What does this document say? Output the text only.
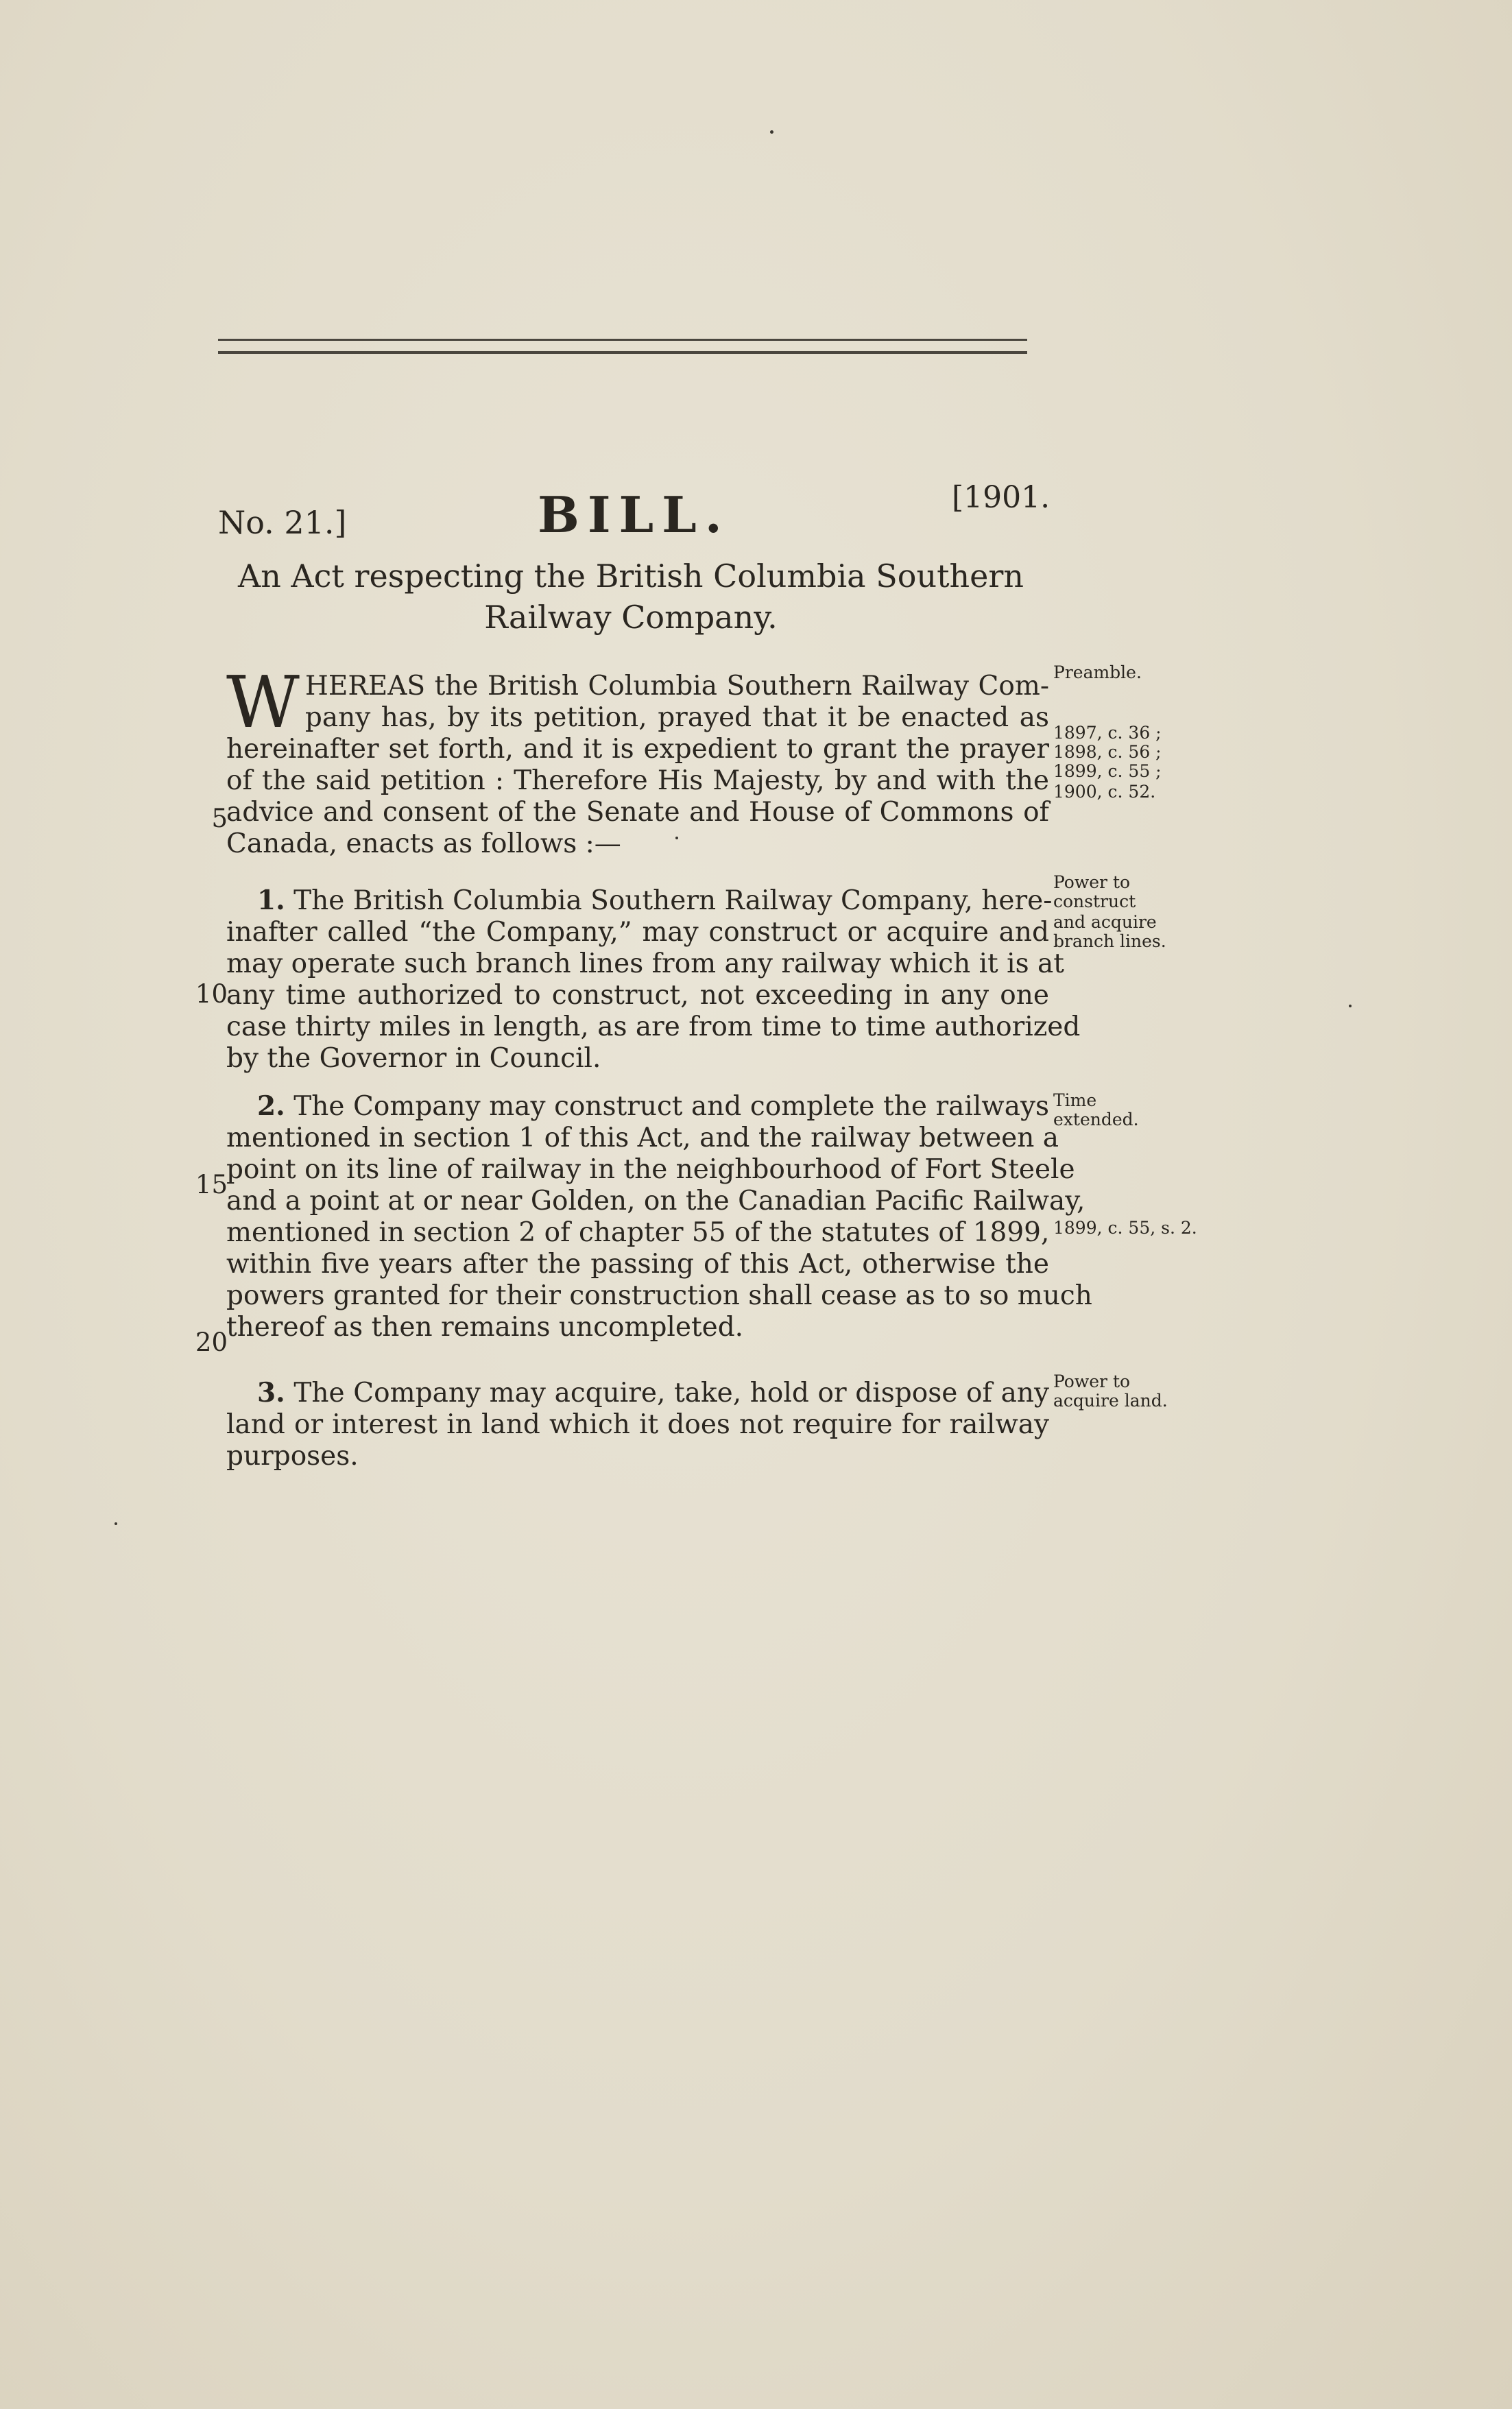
No. 21.]	BILL.	[1901.
An Act respecting the British Columbia Southern Railway Company.
W HEREAS the British Columbia Southern Railway Com-
pany has, by its petition, prayed that it be enacted as
hereinafter set forth, and it is expedient to grant the prayer
of the said petition : Therefore His Majesty, by and with the
advice and consent of the Senate and House of Commons of
Canada, enacts as follows :—
Preamble.
1897, c. 36 ;
1898, c. 56 ;
1899, c. 55 ;
1900, c. 52.
1. The British Columbia Southern Railway Company, here-
inafter called “the Company,” may construct or acquire and
may operate such branch lines from any railway which it is at
any time authorized to construct, not exceeding in any one
case thirty miles in length, as are from time to time authorized
by the Governor in Council.
Power to
construct
and acquire
branch lines.
2. The Company may construct and complete the railways
mentioned in section 1 of this Act, and the railway between a
point on its line of railway in the neighbourhood of Fort Steele
and a point at or near Golden, on the Canadian Pacific Railway,
mentioned in section 2 of chapter 55 of the statutes of 1899,
within five years after the passing of this Act, otherwise the
powers granted for their construction shall cease as to so much
thereof as then remains uncompleted.
Time
extended.
1899, c. 55, s. 2.
3. The Company may acquire, take, hold or dispose of any
land or interest in land which it does not require for railway
purposes.
Power to
acquire land.
5
10
15
20
